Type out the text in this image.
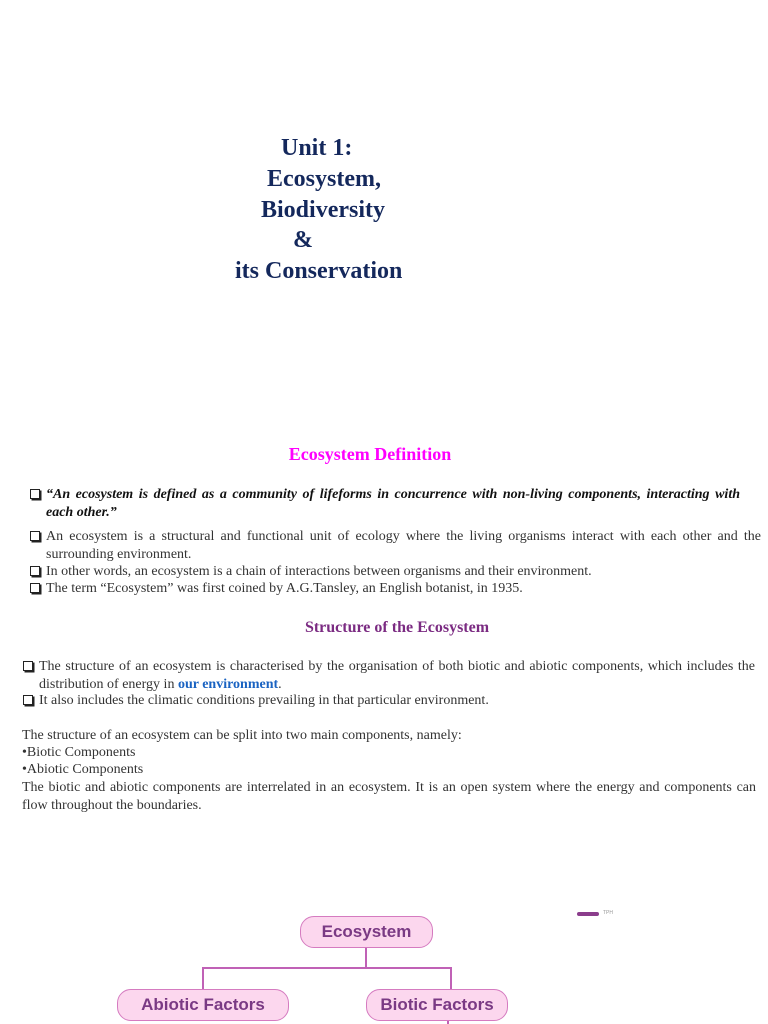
Unit 1:
Ecosystem,
Biodiversity
&
its Conservation
Ecosystem Definition
“An ecosystem is defined as a community of lifeforms in concurrence with non-living components, interacting with each other.”
An ecosystem is a structural and functional unit of ecology where the living organisms interact with each other and the surrounding environment.
In other words, an ecosystem is a chain of interactions between organisms and their environment.
The term “Ecosystem” was first coined by A.G.Tansley, an English botanist, in 1935.
Structure of the Ecosystem
The structure of an ecosystem is characterised by the organisation of both biotic and abiotic components, which includes the distribution of energy in our environment.
It also includes the climatic conditions prevailing in that particular environment.
The structure of an ecosystem can be split into two main components, namely:
•Biotic Components
•Abiotic Components
The biotic and abiotic components are interrelated in an ecosystem. It is an open system where the energy and components can flow throughout the boundaries.
Ecosystem
Abiotic Factors	Biotic Factors
TPH
